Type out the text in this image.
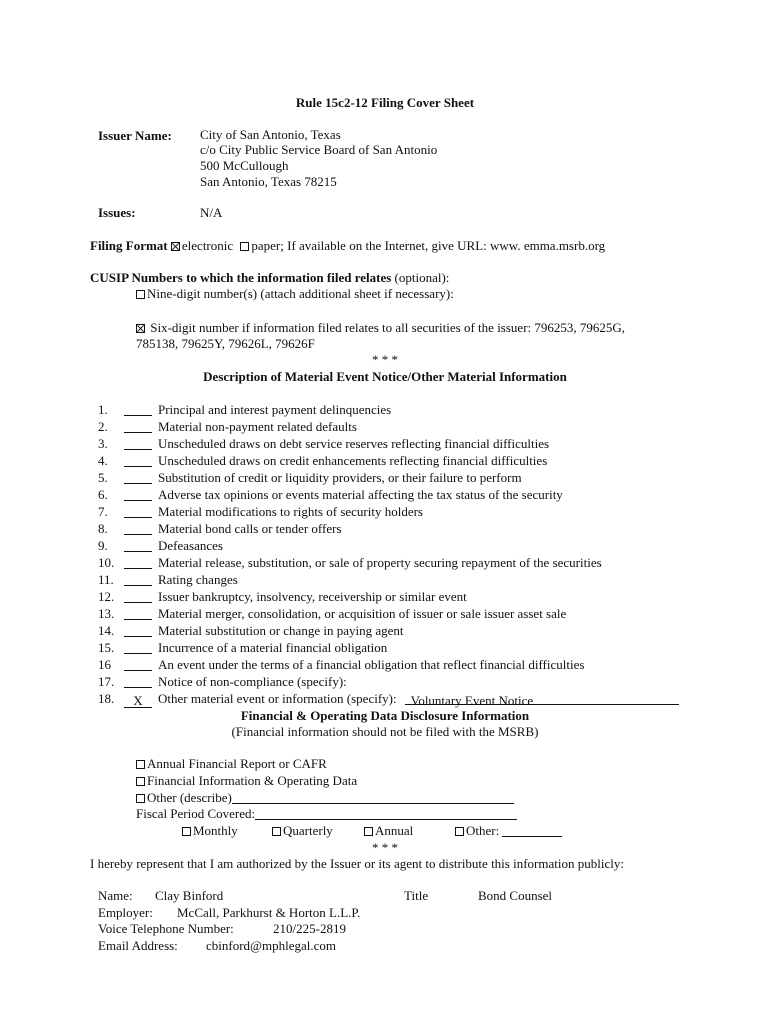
Rule 15c2-12 Filing Cover Sheet
Issuer Name: City of San Antonio, Texas
c/o City Public Service Board of San Antonio
500 McCullough
San Antonio, Texas 78215
Issues:	N/A
Filing Format electronic paper; If available on the Internet, give URL: www. emma.msrb.org
CUSIP Numbers to which the information filed relates (optional):
Nine-digit number(s) (attach additional sheet if necessary):
Six-digit number if information filed relates to all securities of the issuer: 796253, 79625G,
785138, 79625Y, 79626L, 79626F
* * *
Description of Material Event Notice/Other Material Information
1.	Principal and interest payment delinquencies
2.	Material non-payment related defaults
3.	Unscheduled draws on debt service reserves reflecting financial difficulties
4.	Unscheduled draws on credit enhancements reflecting financial difficulties
5.	Substitution of credit or liquidity providers, or their failure to perform
6.	Adverse tax opinions or events material affecting the tax status of the security
7.	Material modifications to rights of security holders
8.	Material bond calls or tender offers
9.	Defeasances
10.	Material release, substitution, or sale of property securing repayment of the securities
11.	Rating changes
12.	Issuer bankruptcy, insolvency, receivership or similar event
13.	Material merger, consolidation, or acquisition of issuer or sale issuer asset sale
14.	Material substitution or change in paying agent
15.	Incurrence of a material financial obligation
16	An event under the terms of a financial obligation that reflect financial difficulties
17.	Notice of non-compliance (specify):
18. X Other material event or information (specify): Voluntary Event Notice
Financial & Operating Data Disclosure Information
(Financial information should not be filed with the MSRB)
Annual Financial Report or CAFR
Financial Information & Operating Data
Other (describe)
Fiscal Period Covered:
Monthly	Quarterly	Annual	Other:
* * *
I hereby represent that I am authorized by the Issuer or its agent to distribute this information publicly:
Name: Clay Binford	Title	Bond Counsel
Employer: McCall, Parkhurst & Horton L.L.P.
Voice Telephone Number:	210/225-2819
Email Address: cbinford@mphlegal.com
